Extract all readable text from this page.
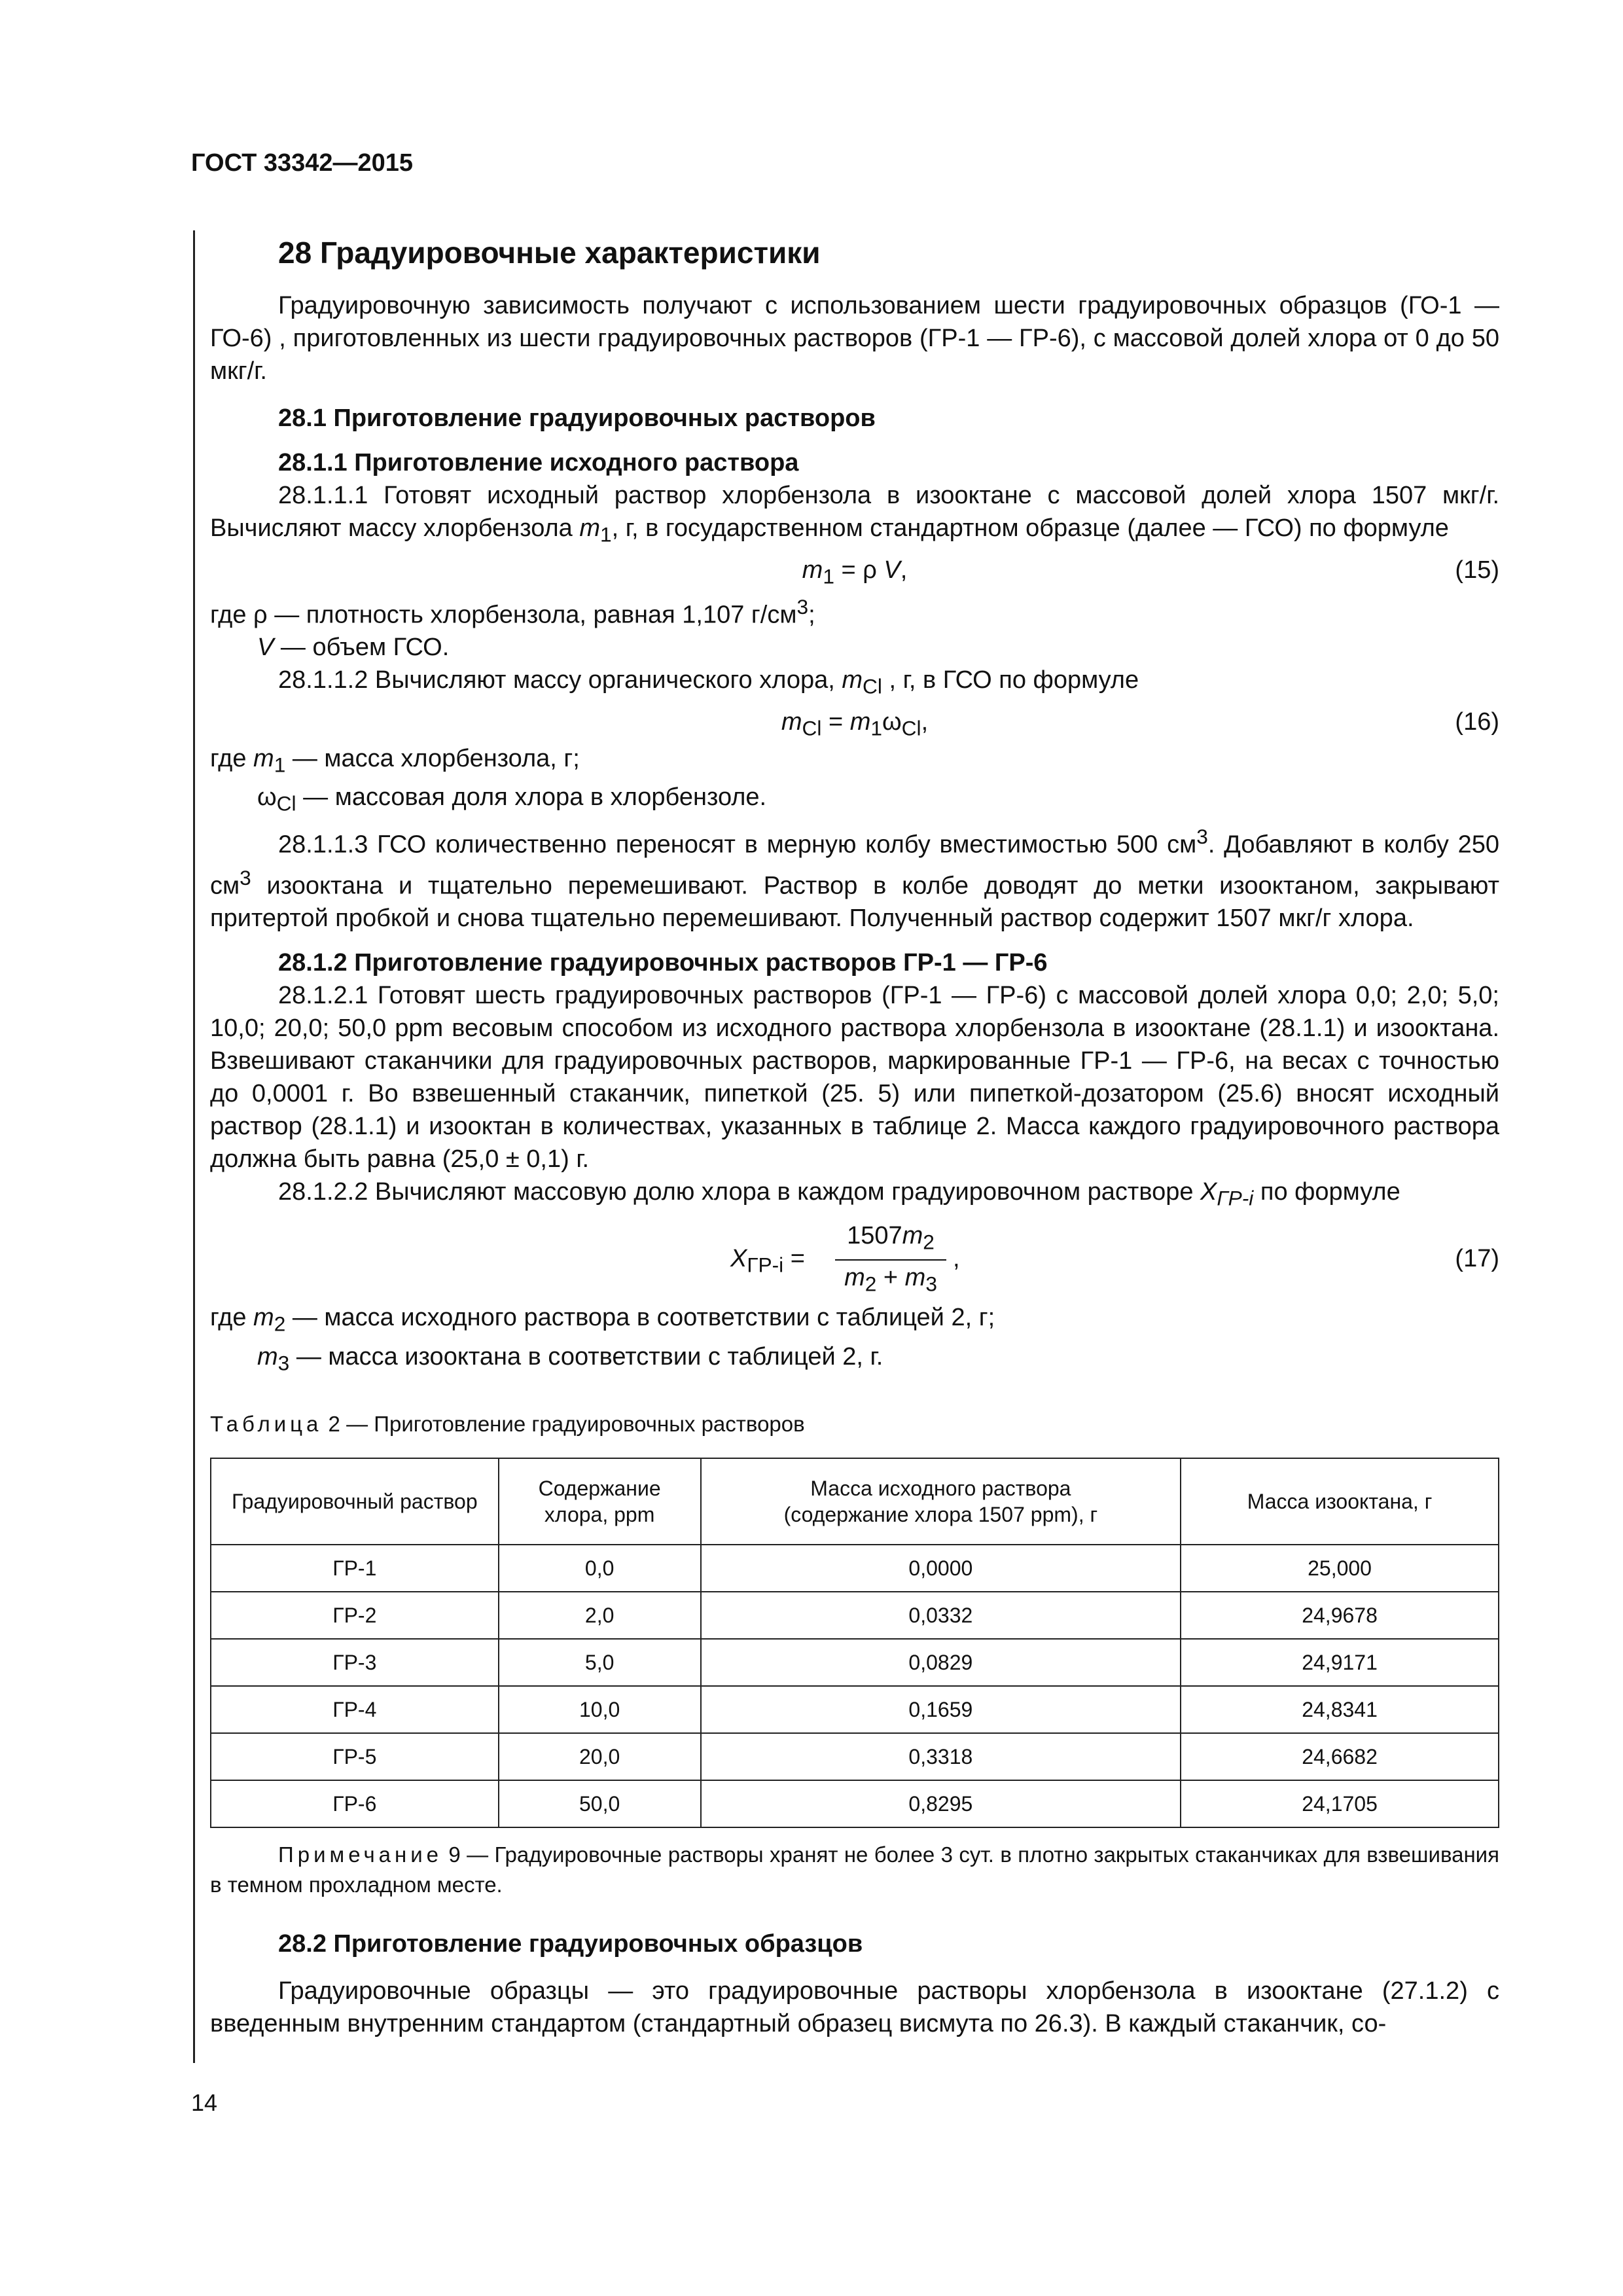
ГОСТ 33342—2015
28 Градуировочные характеристики

Градуировочную зависимость получают с использованием шести градуировочных образцов (ГО-1 — ГО-6) , приготовленных из шести градуировочных растворов (ГР-1 — ГР-6), с массовой долей хлора от 0 до 50 мкг/г.

28.1 Приготовление градуировочных растворов
28.1.1 Приготовление исходного раствора

28.1.1.1 Готовят исходный раствор хлорбензола в изооктане с массовой долей хлора 1507 мкг/г. Вычисляют массу хлорбензола $m_1$, г, в государственном стандартном образце (далее — ГСО) по формуле

$m_1 = \rho$ V,	(15)

где ρ — плотность хлорбензола, равная 1,107 $г/см^3$;

V — объем ГСО.

28.1.1.2 Вычисляют массу органического хлора, $m_{Cl}$ , г, в ГСО по формуле

$m_{Cl} = m_1\omega_{Cl}$,	(16)

где $m_1$ — масса хлорбензола, г;

$\omega_{Cl}$ — массовая доля хлора в хлорбензоле.

28.1.1.3 ГСО количественно переносят в мерную колбу вместимостью 500 $см^3$. Добавляют в колбу 250 $см^3$ изооктана и тщательно перемешивают. Раствор в колбе доводят до метки изооктаном, закрывают притертой пробкой и снова тщательно перемешивают. Полученный раствор содержит 1507 мкг/г хлора.

28.1.2 Приготовление градуировочных растворов ГР-1 — ГР-6

28.1.2.1 Готовят шесть градуировочных растворов (ГР-1 — ГР-6) с массовой долей хлора 0,0; 2,0; 5,0; 10,0; 20,0; 50,0 ppm весовым способом из исходного раствора хлорбензола в изооктане (28.1.1) и изооктана. Взвешивают стаканчики для градуировочных растворов, маркированные ГР-1 — ГР-6, на весах с точностью до 0,0001 г. Во взвешенный стаканчик, пипеткой (25. 5) или пипеткой-дозатором (25.6) вносят исходный раствор (28.1.1) и изооктан в количествах, указанных в таблице 2. Масса каждого градуировочного раствора должна быть равна (25,0 ± 0,1) г.

28.1.2.2 Вычисляют массовую долю хлора в каждом градуировочном растворе $X_{ГР-i}$ по формуле

$X_{ГР-i} = \frac{1507m_2}{m_2 + m_3}$ ,	(17)

где $m_2$ — масса исходного раствора в соответствии с таблицей 2, г;

$m_3$ — масса изооктана в соответствии с таблицей 2, г.

Таблица 2 — Приготовление градуировочных растворов
Градуировочный раствор	Содержание хлора, ppm	Масса исходного раствора (содержание хлора 1507 ppm), г	Масса изооктана, г
ГР-1	0,0	0,0000	25,000
ГР-2	2,0	0,0332	24,9678
ГР-3	5,0	0,0829	24,9171
ГР-4	10,0	0,1659	24,8341
ГР-5	20,0	0,3318	24,6682
ГР-6	50,0	0,8295	24,1705

Примечание 9 — Градуировочные растворы хранят не более 3 сут. в плотно закрытых стаканчиках для взвешивания в темном прохладном месте.

28.2 Приготовление градуировочных образцов

Градуировочные образцы — это градуировочные растворы хлорбензола в изооктане (27.1.2) с введенным внутренним стандартом (стандартный образец висмута по 26.3). В каждый стаканчик, со-

14
